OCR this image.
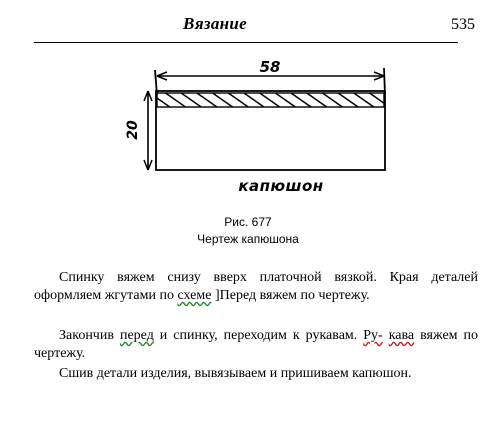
Вязание	535
58
20
капюшон
Рис. 677
Чертеж капюшона

Спинку вяжем снизу вверх платочной вязкой. Края деталей оформляем жгутами по схеме ]Перед вяжем по чертежу.

Закончив перед и спинку, переходим к рукавам. Ру- кава вяжем по чертежу.

Сшив детали изделия, вывязываем и пришиваем капюшон.
